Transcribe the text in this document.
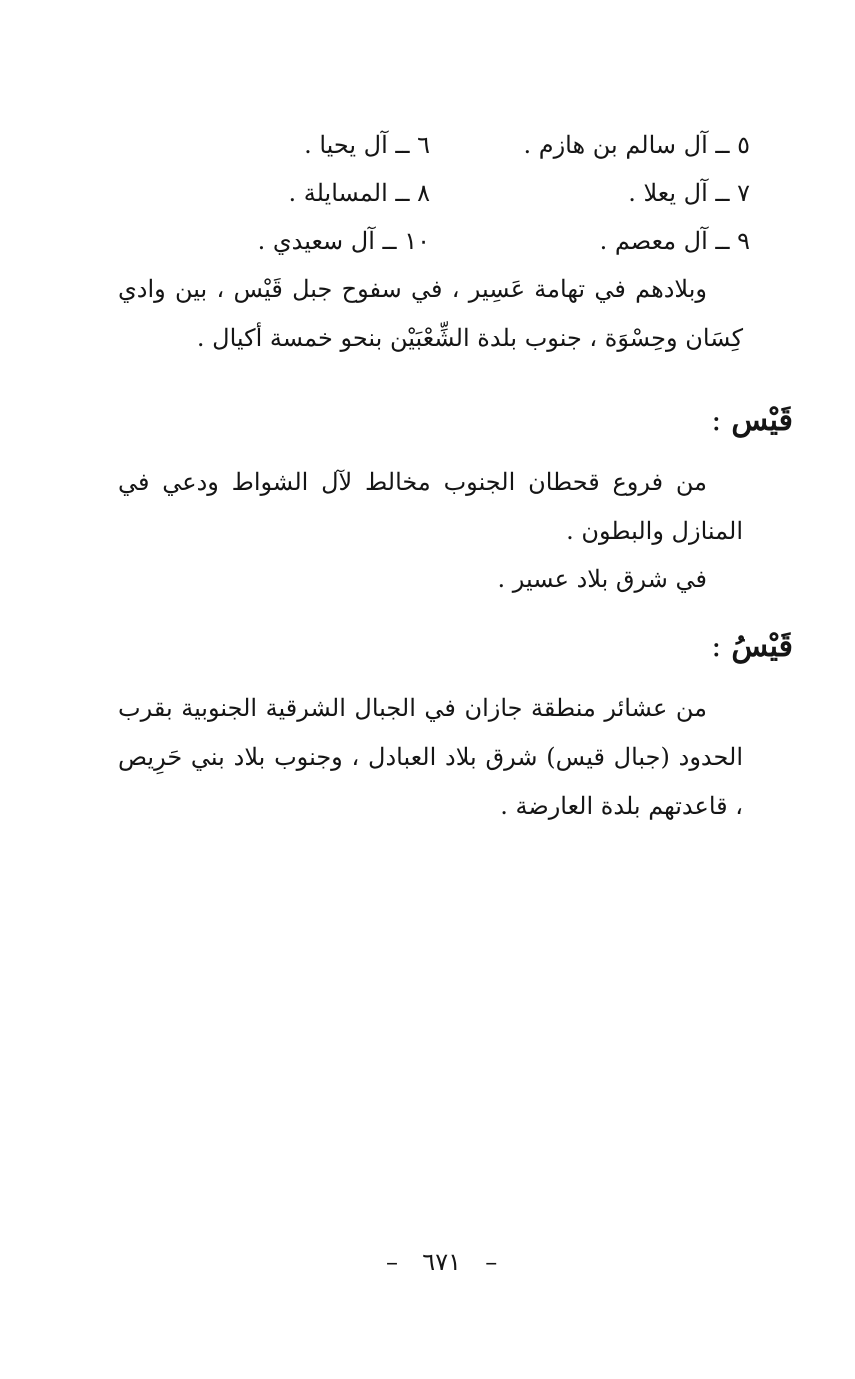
٥ ــ آل سالم بن هازم .
٦ ــ آل يحيا .
٧ ــ آل يعلا .
٨ ــ المسايلة .
٩ ــ آل معصم .
١٠ ــ آل سعيدي .

وبلادهم في تهامة عَسِير ، في سفوح جبل قَيْس ، بين وادي كِسَان وحِسْوَة ، جنوب بلدة الشِّعْبَيْن بنحو خمسة أكيال .

قَيْس:

من فروع قحطان الجنوب مخالط لآل الشواط ودعي في المنازل والبطون .

في شرق بلاد عسير .

قَيْسُ:

من عشائر منطقة جازان في الجبال الشرقية الجنوبية بقرب الحدود (جبال قيس) شرق بلاد العبادل ، وجنوب بلاد بني حَرِيص ، قاعدتهم بلدة العارضة .

– ٦٧١ –
